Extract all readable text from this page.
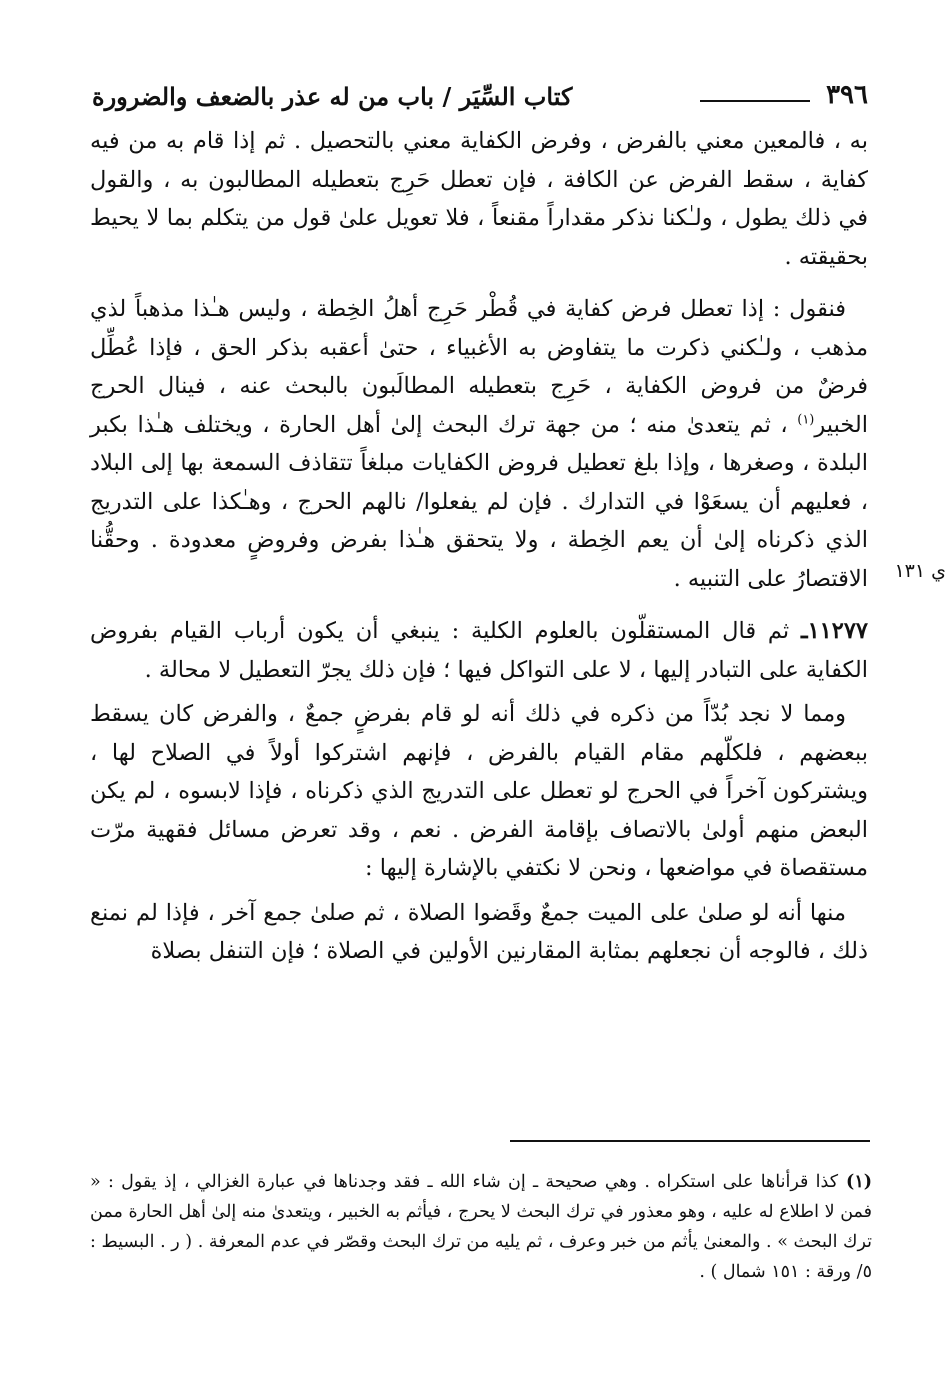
٣٩٦
كتاب السِّيَر / باب من له عذر بالضعف والضرورة
ي ١٣١

به ، فالمعين معني بالفرض ، وفرض الكفاية معني بالتحصيل . ثم إذا قام به من فيه كفاية ، سقط الفرض عن الكافة ، فإن تعطل حَرِج بتعطيله المطالبون به ، والقول في ذلك يطول ، ولـٰكنا نذكر مقداراً مقنعاً ، فلا تعويل علىٰ قول من يتكلم بما لا يحيط بحقيقته .

فنقول : إذا تعطل فرض كفاية في قُطْر حَرِج أهلُ الخِطة ، وليس هـٰذا مذهباً لذي مذهب ، ولـٰكني ذكرت ما يتفاوض به الأغبياء ، حتىٰ أعقبه بذكر الحق ، فإذا عُطِّل فرضٌ من فروض الكفاية ، حَرِج بتعطيله المطالَبون بالبحث عنه ، فينال الحرج الخبير$^{(١)}$ ، ثم يتعدىٰ منه ؛ من جهة ترك البحث إلىٰ أهل الحارة ، ويختلف هـٰذا بكبر البلدة ، وصغرها ، وإذا بلغ تعطيل فروض الكفايات مبلغاً تتقاذف السمعة بها إلى البلاد ، فعليهم أن يسعَوْا في التدارك . فإن لم يفعلوا/ نالهم الحرج ، وهـٰكذا على التدريج الذي ذكرناه إلىٰ أن يعم الخِطة ، ولا يتحقق هـٰذا بفرض وفروضٍ معدودة . وحقُّنا الاقتصارُ على التنبيه .

١١٢٧٧ـ ثم قال المستقلّون بالعلوم الكلية : ينبغي أن يكون أرباب القيام بفروض الكفاية على التبادر إليها ، لا على التواكل فيها ؛ فإن ذلك يجرّ التعطيل لا محالة .

ومما لا نجد بُدّاً من ذكره في ذلك أنه لو قام بفرضٍ جمعٌ ، والفرض كان يسقط ببعضهم ، فلكلّهم مقام القيام بالفرض ، فإنهم اشتركوا أولاً في الصلاح لها ، ويشتركون آخراً في الحرج لو تعطل على التدريج الذي ذكرناه ، فإذا لابسوه ، لم يكن البعض منهم أولىٰ بالاتصاف بإقامة الفرض . نعم ، وقد تعرض مسائل فقهية مرّت مستقصاة في مواضعها ، ونحن لا نكتفي بالإشارة إليها :

منها أنه لو صلىٰ على الميت جمعٌ وقَضوا الصلاة ، ثم صلىٰ جمع آخر ، فإذا لم نمنع ذلك ، فالوجه أن نجعلهم بمثابة المقارنين الأولين في الصلاة ؛ فإن التنفل بصلاة

(١)كذا قرأناها على استكراه . وهي صحيحة ـ إن شاء الله ـ فقد وجدناها في عبارة الغزالي ، إذ يقول : « فمن لا اطلاع له عليه ، وهو معذور في ترك البحث لا يحرج ، فيأثم به الخبير ، ويتعدىٰ منه إلىٰ أهل الحارة ممن ترك البحث » . والمعنىٰ يأثم من خبر وعرف ، ثم يليه من ترك البحث وقصّر في عدم المعرفة . ( ر . البسيط : ٥/ ورقة : ١٥١ شمال ) .
